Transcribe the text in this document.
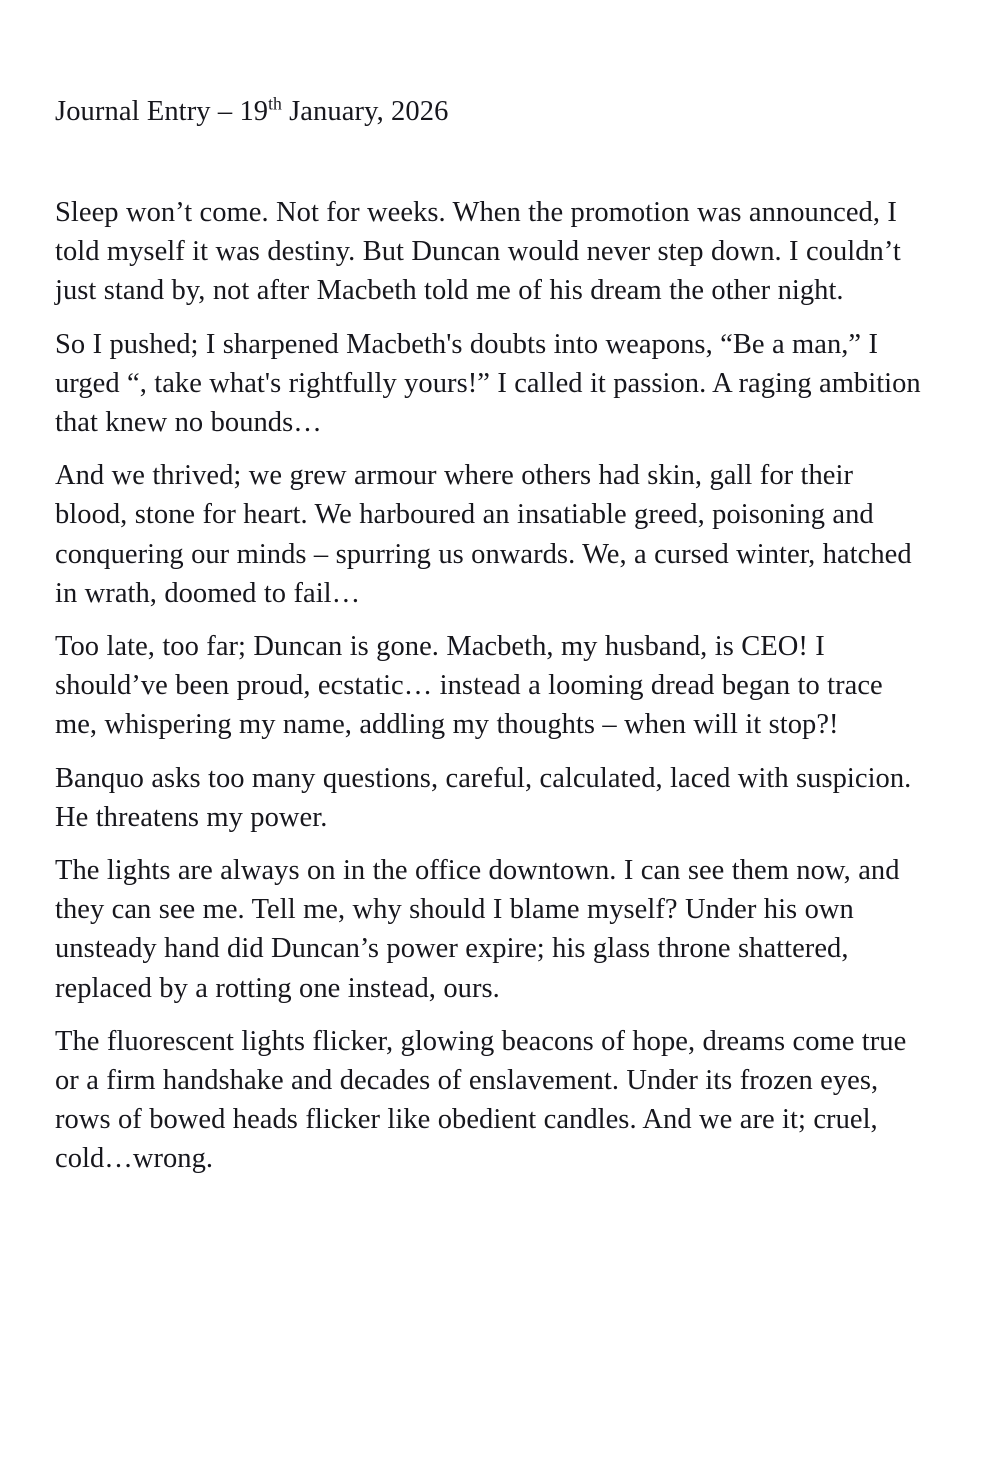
Journal Entry – 19th January, 2026

Sleep won’t come. Not for weeks. When the promotion was announced, I told myself it was destiny. But Duncan would never step down. I couldn’t just stand by, not after Macbeth told me of his dream the other night.

So I pushed; I sharpened Macbeth's doubts into weapons, “Be a man,” I urged “, take what's rightfully yours!” I called it passion. A raging ambition that knew no bounds…

And we thrived; we grew armour where others had skin, gall for their blood, stone for heart. We harboured an insatiable greed, poisoning and conquering our minds – spurring us onwards. We, a cursed winter, hatched in wrath, doomed to fail…

Too late, too far; Duncan is gone. Macbeth, my husband, is CEO! I should’ve been proud, ecstatic… instead a looming dread began to trace me, whispering my name, addling my thoughts – when will it stop?!

Banquo asks too many questions, careful, calculated, laced with suspicion. He threatens my power.

The lights are always on in the office downtown. I can see them now, and they can see me. Tell me, why should I blame myself? Under his own unsteady hand did Duncan’s power expire; his glass throne shattered, replaced by a rotting one instead, ours.

The fluorescent lights flicker, glowing beacons of hope, dreams come true or a firm handshake and decades of enslavement. Under its frozen eyes, rows of bowed heads flicker like obedient candles. And we are it; cruel, cold…wrong.
